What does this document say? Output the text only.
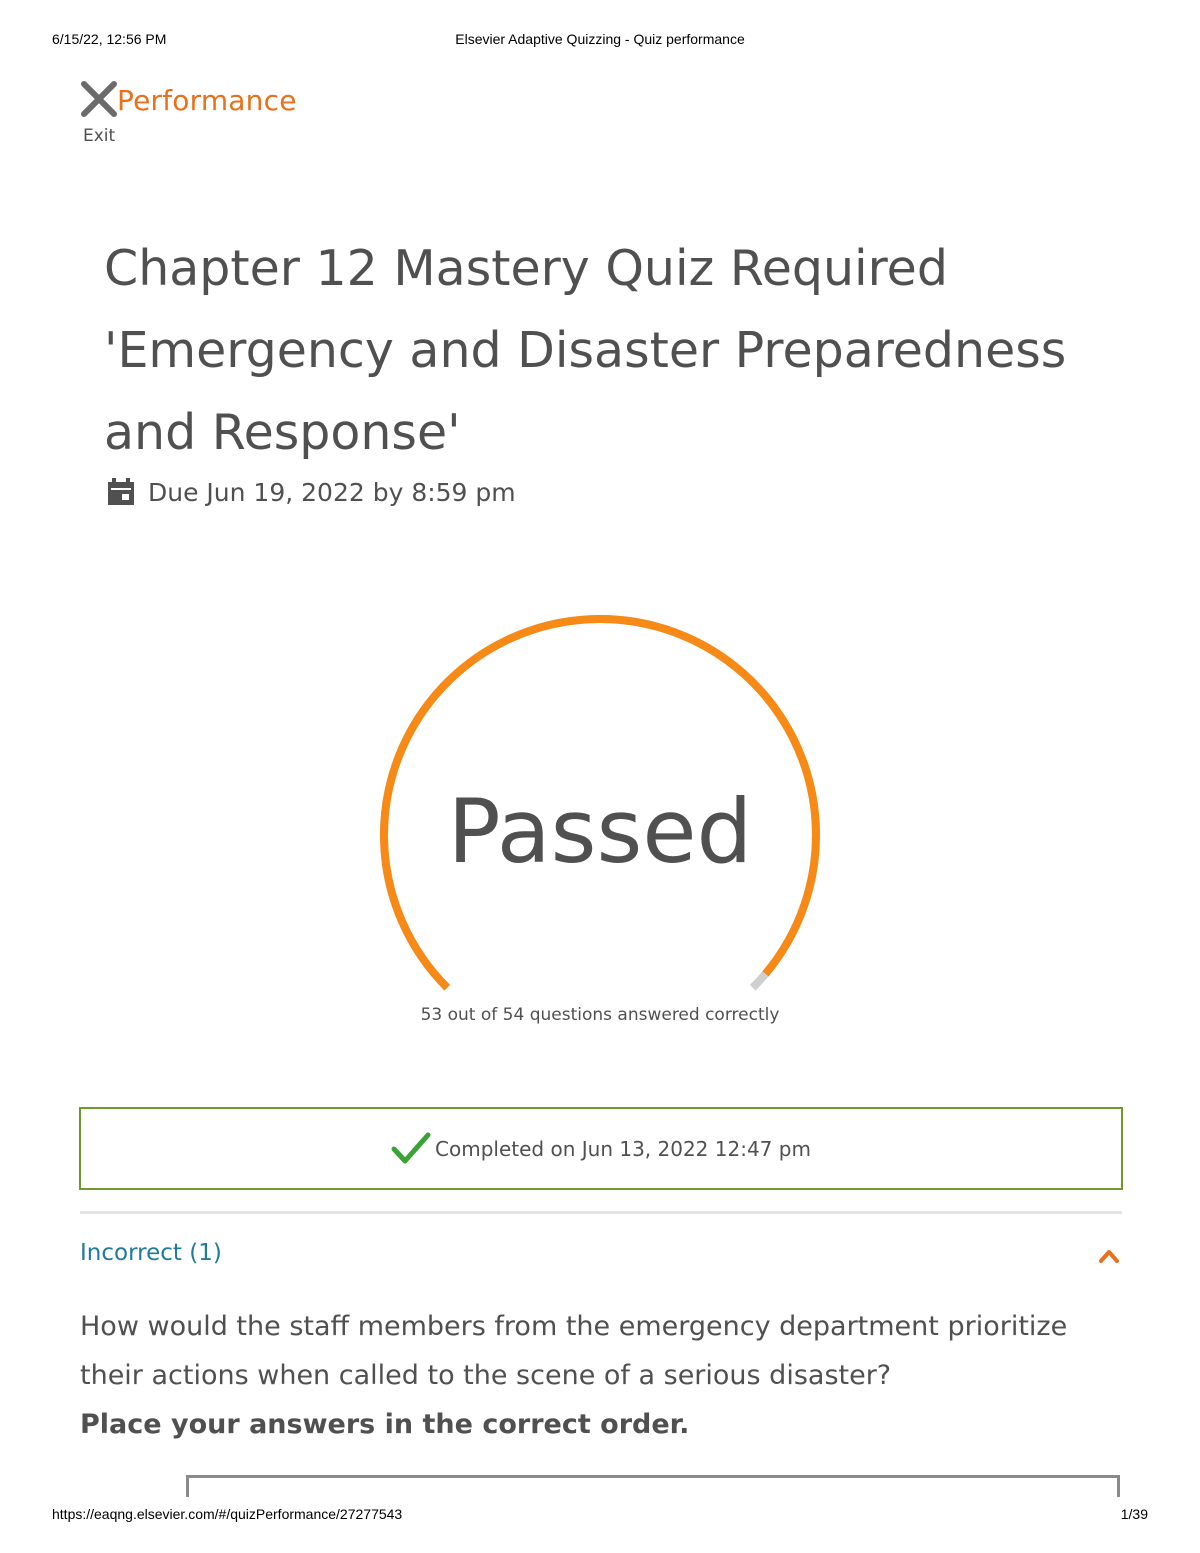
6/15/22, 12:56 PM	Elsevier Adaptive Quizzing - Quiz performance
Exit
Performance
Chapter 12 Mastery Quiz Required 'Emergency and Disaster Preparedness and Response'
Due Jun 19, 2022 by 8:59 pm
Passed
53 out of 54 questions answered correctly
Completed on Jun 13, 2022 12:47 pm
Incorrect (1)
How would the staff members from the emergency department prioritize their actions when called to the scene of a serious disaster?
Place your answers in the correct order.
https://eaqng.elsevier.com/#/quizPerformance/27277543	1/39
